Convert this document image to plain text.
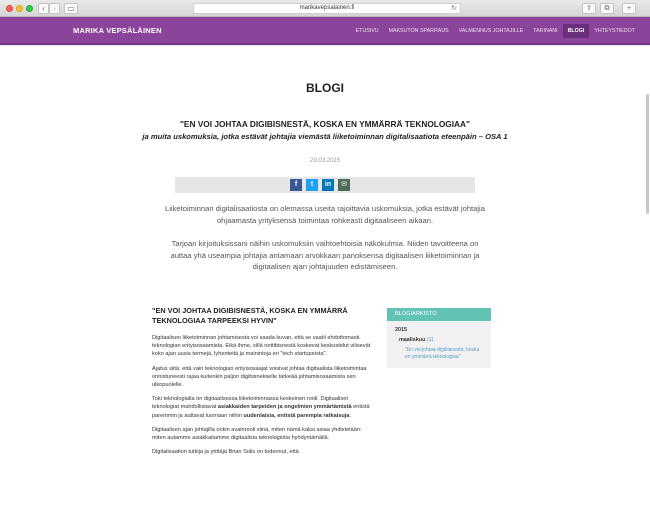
‹	›	▭	marikavepsalainen.fi	↻	⇧	⧉	+
MARIKA VEPSÄLÄINEN	ETUSIVU	MAKSUTON SPARRAUS	VALMENNUS JOHTAJILLE	TARINANI	BLOGI	YHTEYSTIEDOT
BLOGI
"EN VOI JOHTAA DIGIBISNESTÄ, KOSKA EN YMMÄRRÄ TEKNOLOGIAA"
ja muita uskomuksia, jotka estävät johtajia viemästä liiketoiminnan digitalisaatiota eteenpäin – OSA 1
29.03.2015
f	t	in	✉

Liiketoiminnan digitalisaatiosta on olemassa useita rajoittavia uskomuksia, jotka estävät johtajia ohjaamasta yrityksensä toimintaa rohkeasti digitaaliseen aikaan.

Tarjoan kirjoituksissani näihin uskomuksiin vaihtoehtoisia näkökulmia. Niiden tavoitteena on auttaa yhä useampia johtajia antamaan arvokkaan panoksensa digitaalisen liiketoiminnan ja digitaalisen ajan johtajuuden edistämiseen.

"EN VOI JOHTAA DIGIBISNESTÄ, KOSKA EN YMMÄRRÄ TEKNOLOGIAA TARPEEKSI HYVIN"

Digitaalisen liiketoiminnan johtamisesta voi saada kuvan, että se vaatii ehdottomasti teknologian erityisosaamista. Eikä ihme, sillä nettibisnestä koskevat keskustelut vilisevät koko ajan uusia termejä, lyhenteitä ja mainintoja eri "tech startupeista".

Ajatus siitä, että vain teknologian erityisosaajat voisivat johtaa digitaalista liiketoimintaa onnistuneesti rajaa kuitenkin paljon digibisnekselle tärkeää johtamisosaamista sen ulkopuolelle.

Toki teknologialla on digitaalisessa liiketoiminnassa keskeinen rooli. Digitaaliset teknologiat mahdollistavat asiakkaiden tarpeiden ja ongelmien ymmärtämistä entistä paremmin ja auttavat luomaan niihin uudenlaisia, entistä parempia ratkaisuja.

Digitaalisen ajan johtajilla onkin avainrooli siinä, miten nämä kaksi asiaa yhdistetään: miten autamme asiakkaitamme digitaalisia teknologioita hyödyntämällä.

Digitalisaation tutkija ja yrittäjä Brian Solis on todennut, että

BLOGIARKISTO
2015
maaliskuu (1)
"En voi johtaa digibisnestä, koska en ymmärrä teknologiaa"
